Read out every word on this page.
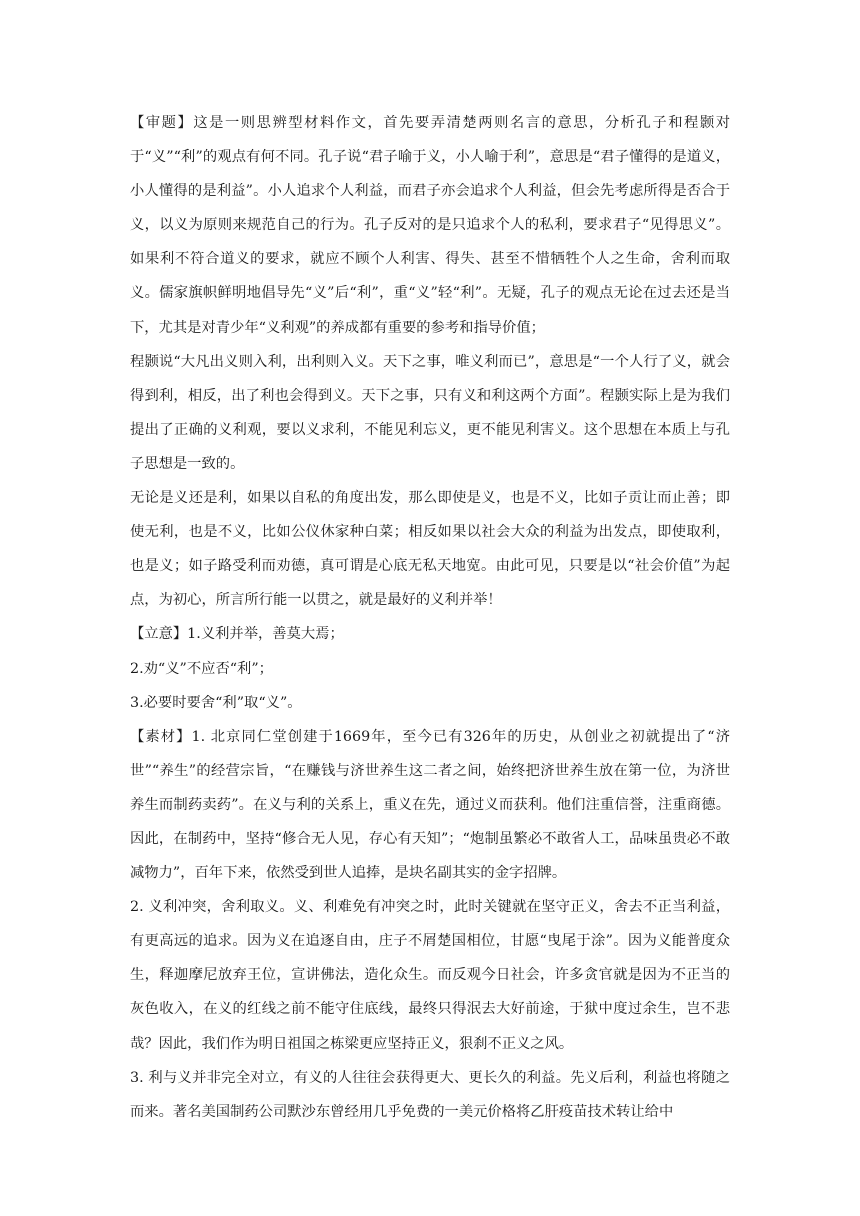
【审题】这是一则思辨型材料作文，首先要弄清楚两则名言的意思，分析孔子和程颢对于“义”“利”的观点有何不同。孔子说“君子喻于义，小人喻于利”，意思是“君子懂得的是道义，小人懂得的是利益”。小人追求个人利益，而君子亦会追求个人利益，但会先考虑所得是否合于义，以义为原则来规范自己的行为。孔子反对的是只追求个人的私利，要求君子“见得思义”。如果利不符合道义的要求，就应不顾个人利害、得失、甚至不惜牺牲个人之生命，舍利而取义。儒家旗帜鲜明地倡导先“义”后“利”，重“义”轻“利”。无疑，孔子的观点无论在过去还是当下，尤其是对青少年“义利观”的养成都有重要的参考和指导价值；

程颢说“大凡出义则入利，出利则入义。天下之事，唯义利而已”，意思是“一个人行了义，就会得到利，相反，出了利也会得到义。天下之事，只有义和利这两个方面”。程颢实际上是为我们提出了正确的义利观，要以义求利，不能见利忘义，更不能见利害义。这个思想在本质上与孔子思想是一致的。

无论是义还是利，如果以自私的角度出发，那么即使是义，也是不义，比如子贡让而止善；即使无利，也是不义，比如公仪休家种白菜；相反如果以社会大众的利益为出发点，即使取利，也是义；如子路受利而劝德，真可谓是心底无私天地宽。由此可见，只要是以“社会价值”为起点，为初心，所言所行能一以贯之，就是最好的义利并举！

【立意】1.义利并举，善莫大焉；

2.劝“义”不应否“利”；

3.必要时要舍“利”取“义”。

【素材】1. 北京同仁堂创建于1669年，至今已有326年的历史，从创业之初就提出了“济世”“养生”的经营宗旨，“在赚钱与济世养生这二者之间，始终把济世养生放在第一位，为济世养生而制药卖药”。在义与利的关系上，重义在先，通过义而获利。他们注重信誉，注重商德。因此，在制药中，坚持“修合无人见，存心有天知”；“炮制虽繁必不敢省人工，品味虽贵必不敢减物力”，百年下来，依然受到世人追捧，是块名副其实的金字招牌。

2. 义利冲突，舍利取义。义、利难免有冲突之时，此时关键就在坚守正义，舍去不正当利益，有更高远的追求。因为义在追逐自由，庄子不屑楚国相位，甘愿“曳尾于涂”。因为义能普度众生，释迦摩尼放弃王位，宣讲佛法，造化众生。而反观今日社会，许多贪官就是因为不正当的灰色收入，在义的红线之前不能守住底线，最终只得泯去大好前途，于狱中度过余生，岂不悲哉？因此，我们作为明日祖国之栋梁更应坚持正义，狠刹不正义之风。

3. 利与义并非完全对立，有义的人往往会获得更大、更长久的利益。先义后利，利益也将随之而来。著名美国制药公司默沙东曾经用几乎免费的一美元价格将乙肝疫苗技术转让给中
